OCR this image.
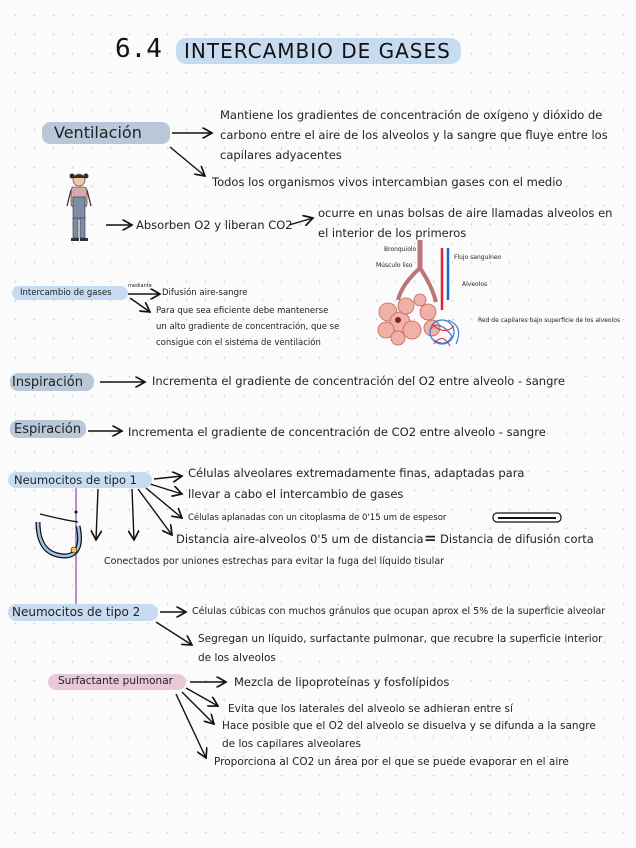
6.4	INTERCAMBIO DE GASES
Ventilación
Mantiene los gradientes de concentración de oxígeno y dióxido de
carbono entre el aire de los alveolos y la sangre que fluye entre los
capilares adyacentes
Todos los organismos vivos intercambian gases con el medio
Absorben O2 y liberan CO2
ocurre en unas bolsas de aire llamadas alveolos en
el interior de los primeros
Bronquiolo
Músculo liso
Flujo sanguíneo
Alveolos
Red de capilares bajo superficie de los alveolos
Intercambio de gases
mediante
Difusión aire-sangre
Para que sea eficiente debe mantenerse
un alto gradiente de concentración, que se
consigue con el sistema de ventilación
Inspiración	Incrementa el gradiente de concentración del O2 entre alveolo - sangre
Espiración	Incrementa el gradiente de concentración de CO2 entre alveolo - sangre
Neumocitos de tipo 1	Células alveolares extremadamente finas, adaptadas para
llevar a cabo el intercambio de gases
Células aplanadas con un citoplasma de 0'15 um de espesor
Distancia aire-alveolos 0'5 um de distancia = Distancia de difusión corta
Conectados por uniones estrechas para evitar la fuga del líquido tisular
Neumocitos de tipo 2	Células cúbicas con muchos gránulos que ocupan aprox el 5% de la superficie alveolar
Segregan un líquido, surfactante pulmonar, que recubre la superficie interior
de los alveolos
Surfactante pulmonar	Mezcla de lipoproteínas y fosfolípidos
Evita que los laterales del alveolo se adhieran entre sí
Hace posible que el O2 del alveolo se disuelva y se difunda a la sangre
de los capilares alveolares
Proporciona al CO2 un área por el que se puede evaporar en el aire
